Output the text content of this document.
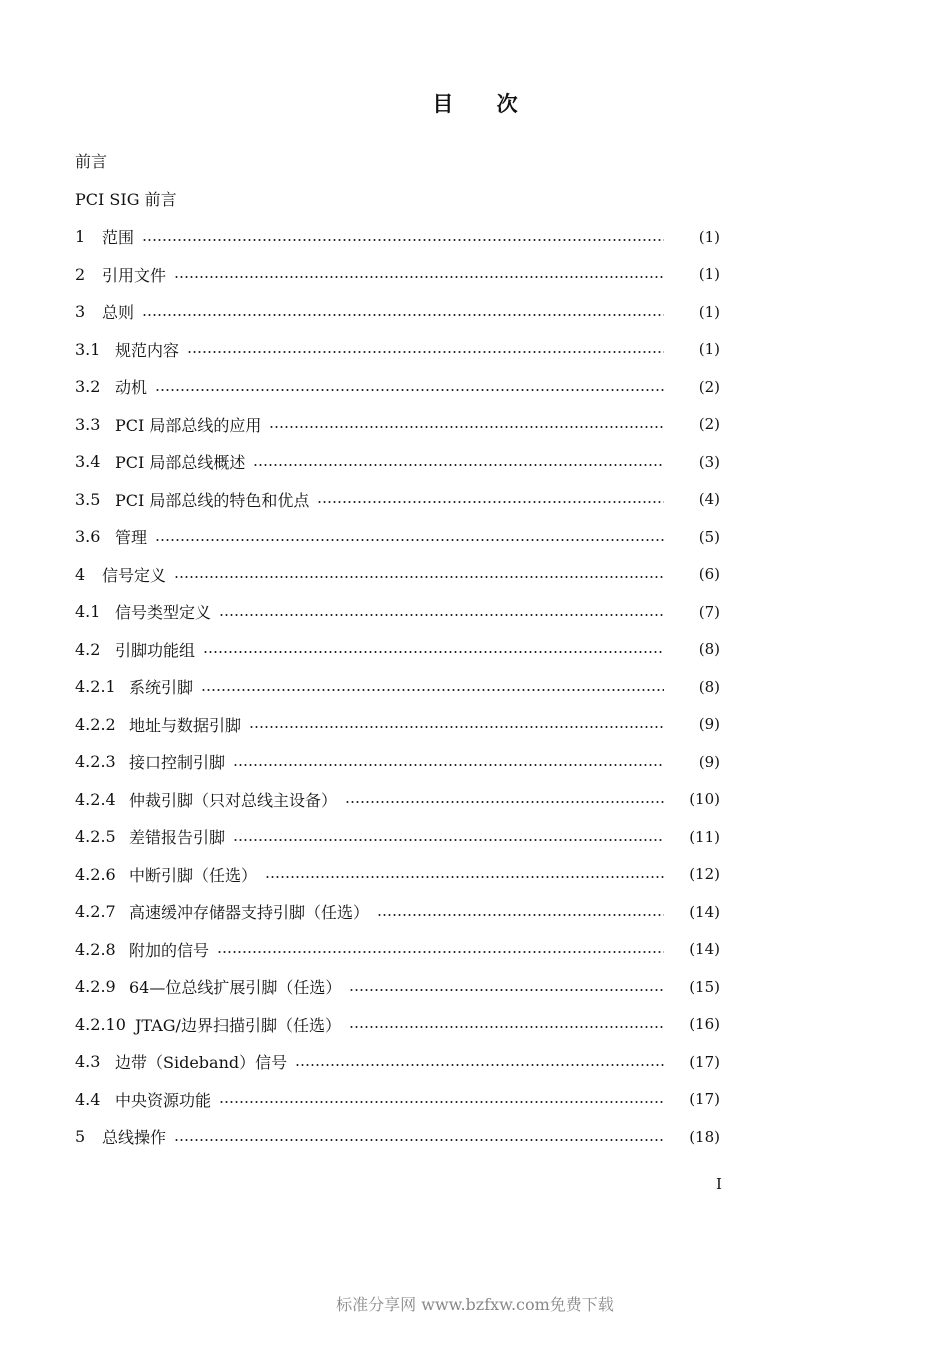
目 次
前言
PCI SIG 前言
1	范围	(1)
2	引用文件	(1)
3	总则	(1)
3.1 规范内容	(1)
3.2 动机	(2)
3.3 PCI 局部总线的应用	(2)
3.4 PCI 局部总线概述	(3)
3.5 PCI 局部总线的特色和优点	(4)
3.6 管理	(5)
4	信号定义	(6)
4.1 信号类型定义	(7)
4.2 引脚功能组	(8)
4.2.1 系统引脚	(8)
4.2.2 地址与数据引脚	(9)
4.2.3 接口控制引脚	(9)
4.2.4 仲裁引脚（只对总线主设备）	(10)
4.2.5 差错报告引脚	(11)
4.2.6 中断引脚（任选）	(12)
4.2.7 高速缓冲存储器支持引脚（任选）	(14)
4.2.8 附加的信号	(14)
4.2.9 64—位总线扩展引脚（任选）	(15)
4.2.10 JTAG/边界扫描引脚（任选）	(16)
4.3 边带（Sideband）信号	(17)
4.4 中央资源功能	(17)
5	总线操作	(18)
I
标准分享网 www.bzfxw.com免费下载
